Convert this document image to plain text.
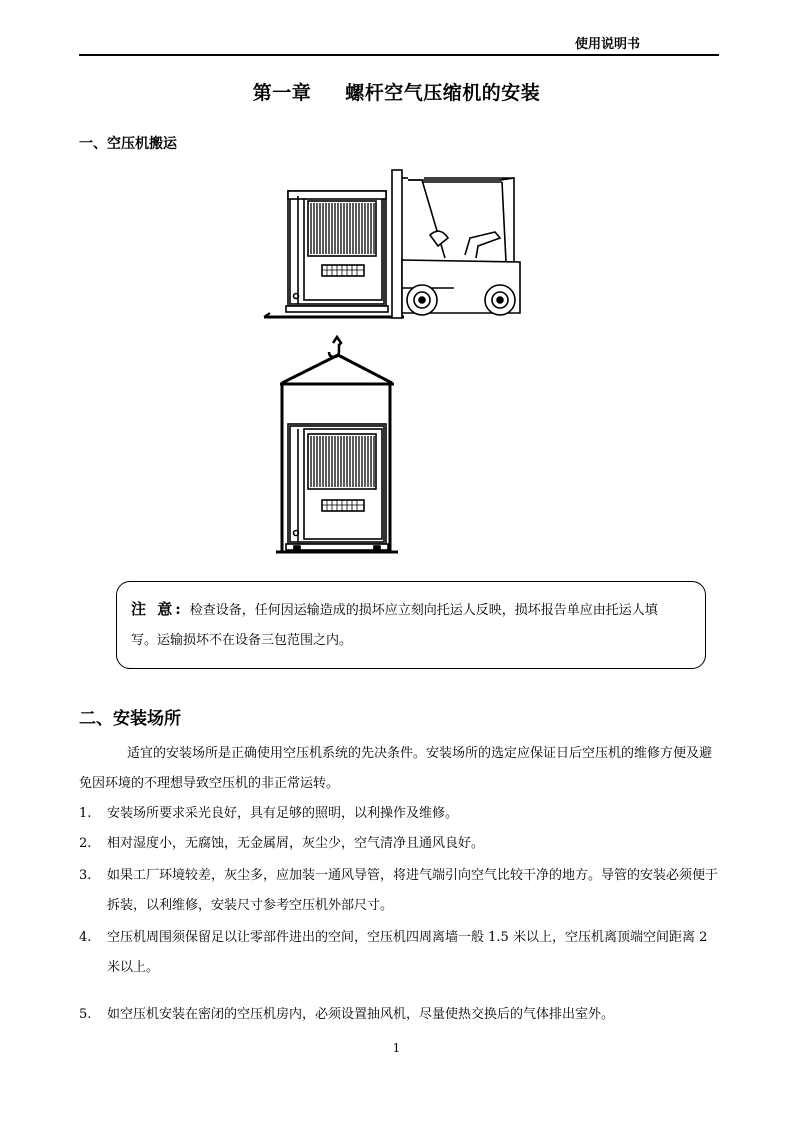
使用说明书
第一章 螺杆空气压缩机的安装
一、空压机搬运

注 意: 检查设备，任何因运输造成的损坏应立刻向托运人反映，损坏报告单应由托运人填

写。运输损坏不在设备三包范围之内。

二、安装场所

适宜的安装场所是正确使用空压机系统的先决条件。安装场所的选定应保证日后空压机的维修方便及避免因环境的不理想导致空压机的非正常运转。

1. 安装场所要求采光良好，具有足够的照明，以利操作及维修。
2. 相对湿度小，无腐蚀，无金属屑，灰尘少，空气清净且通风良好。
3. 如果工厂环境较差，灰尘多，应加装一通风导管，将进气端引向空气比较干净的地方。导管的安装必须便于拆装，以利维修，安装尺寸参考空压机外部尺寸。
4. 空压机周围须保留足以让零部件进出的空间，空压机四周离墙一般 1.5 米以上，空压机离顶端空间距离 2 米以上。
5. 如空压机安装在密闭的空压机房内，必须设置抽风机，尽量使热交换后的气体排出室外。
1
